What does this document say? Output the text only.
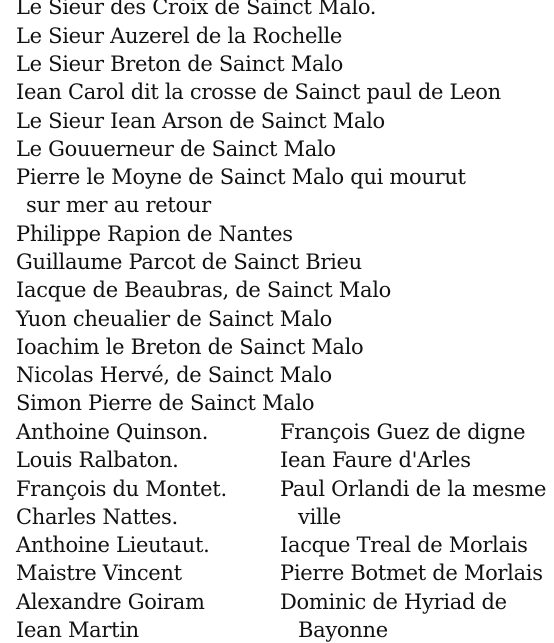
Le Sieur des Croix de Sainct Malo.
Le Sieur Auzerel de la Rochelle
Le Sieur Breton de Sainct Malo
Iean Carol dit la crosse de Sainct paul de Leon
Le Sieur Iean Arson de Sainct Malo
Le Gouuerneur de Sainct Malo
Pierre le Moyne de Sainct Malo qui mourut
sur mer au retour
Philippe Rapion de Nantes
Guillaume Parcot de Sainct Brieu
Iacque de Beaubras, de Sainct Malo
Yuon cheualier de Sainct Malo
Ioachim le Breton de Sainct Malo
Nicolas Hervé, de Sainct Malo
Simon Pierre de Sainct Malo
Anthoine Quinson.
Louis Ralbaton.
François du Montet.
Charles Nattes.
Anthoine Lieutaut.
Maistre Vincent
Alexandre Goiram
Iean Martin
François Guez de digne
Iean Faure d'Arles
Paul Orlandi de la mesme
ville
Iacque Treal de Morlais
Pierre Botmet de Morlais
Dominic de Hyriad de
Bayonne
